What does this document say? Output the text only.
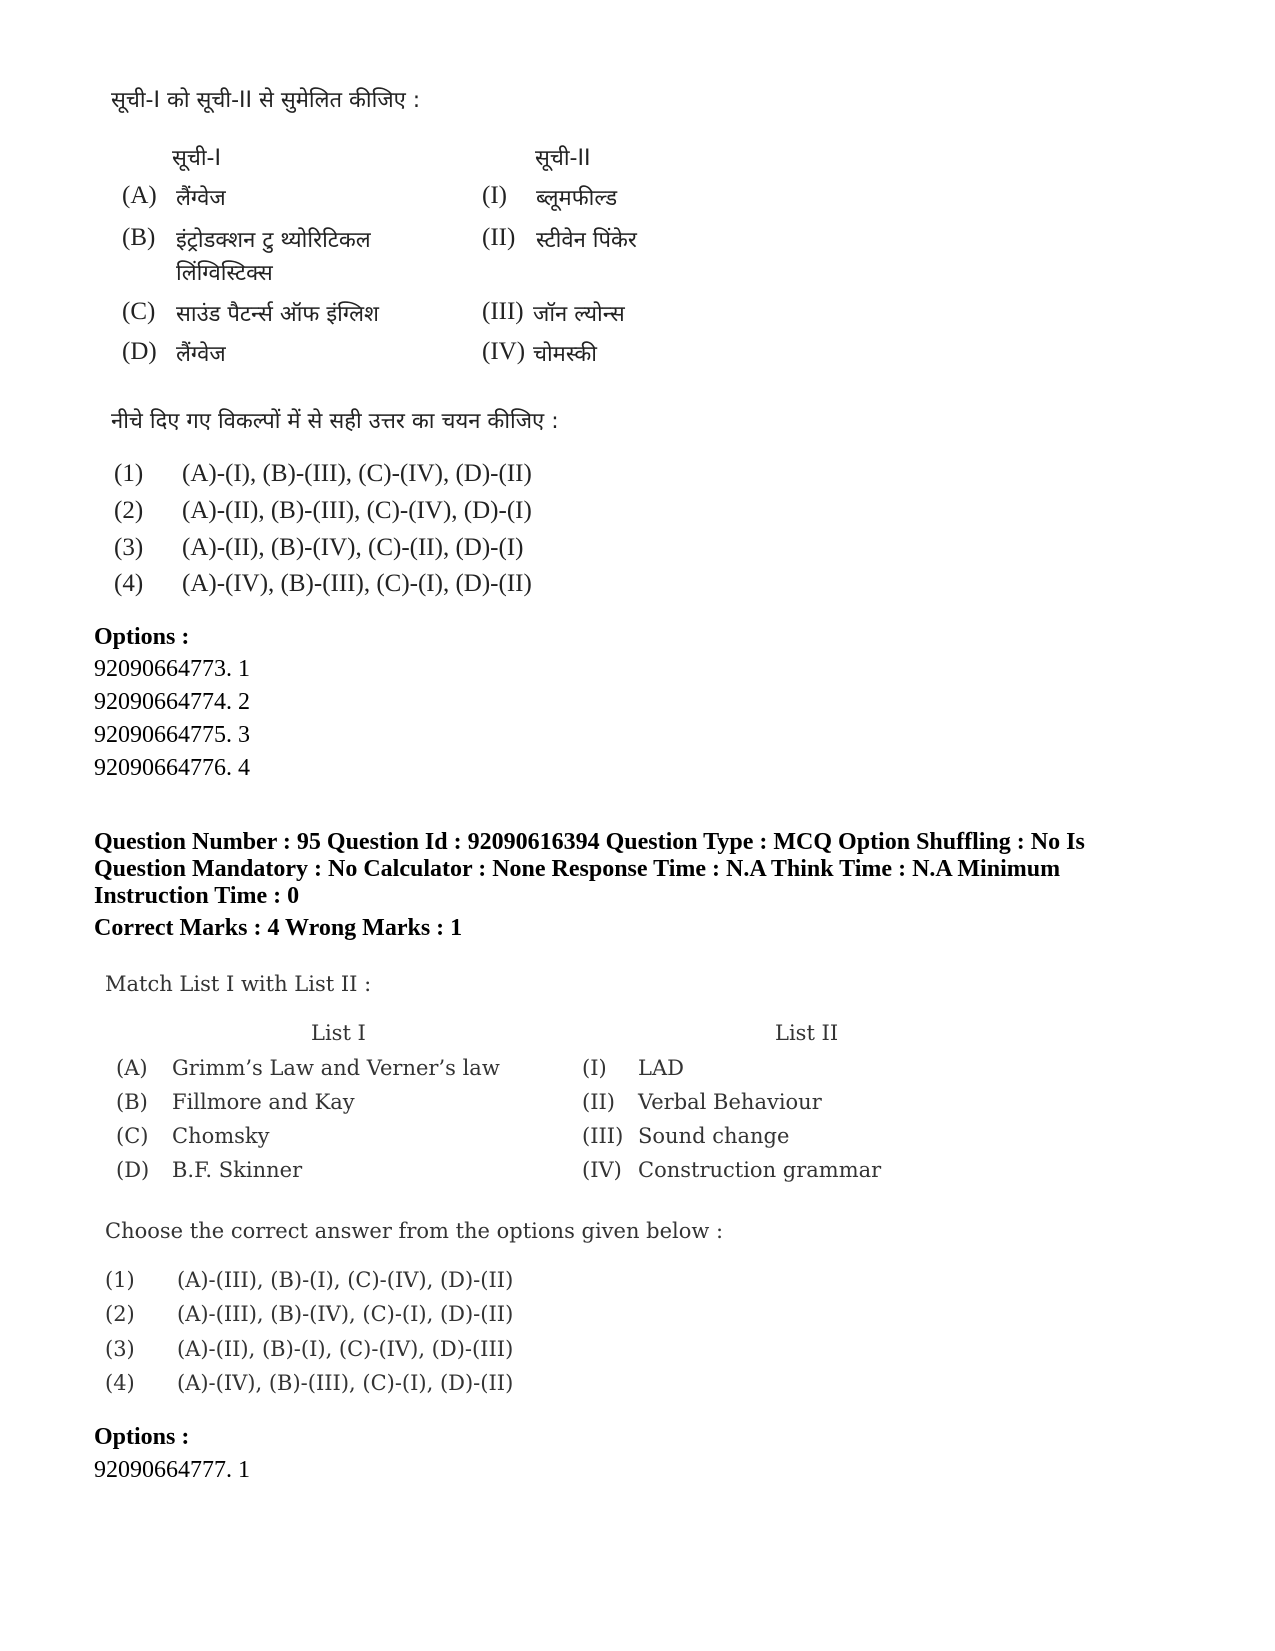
सूची-I को सूची-II से सुमेलित कीजिए :
सूची-I	सूची-II
(A) लैंग्वेज
(B) इंट्रोडक्शन टु थ्योरिटिकल
लिंग्विस्टिक्स
(C) साउंड पैटर्न्स ऑफ इंग्लिश
(D) लैंग्वेज
(I) ब्लूमफील्ड
(II) स्टीवेन पिंकेर
(III) जॉन ल्योन्स
(IV) चोमस्की
नीचे दिए गए विकल्पों में से सही उत्तर का चयन कीजिए :
(1) (A)-(I), (B)-(III), (C)-(IV), (D)-(II)
(2) (A)-(II), (B)-(III), (C)-(IV), (D)-(I)
(3) (A)-(II), (B)-(IV), (C)-(II), (D)-(I)
(4) (A)-(IV), (B)-(III), (C)-(I), (D)-(II)
Options :
92090664773. 1
92090664774. 2
92090664775. 3
92090664776. 4
Question Number : 95 Question Id : 92090616394 Question Type : MCQ Option Shuffling : No Is
Question Mandatory : No Calculator : None Response Time : N.A Think Time : N.A Minimum
Instruction Time : 0
Correct Marks : 4 Wrong Marks : 1
Match List I with List II :
List I	List II
(A) Grimm’s Law and Verner’s law
(B) Fillmore and Kay
(C) Chomsky
(D) B.F. Skinner
(I) LAD
(II) Verbal Behaviour
(III) Sound change
(IV) Construction grammar
Choose the correct answer from the options given below :
(1) (A)-(III), (B)-(I), (C)-(IV), (D)-(II)
(2) (A)-(III), (B)-(IV), (C)-(I), (D)-(II)
(3) (A)-(II), (B)-(I), (C)-(IV), (D)-(III)
(4) (A)-(IV), (B)-(III), (C)-(I), (D)-(II)
Options :
92090664777. 1
